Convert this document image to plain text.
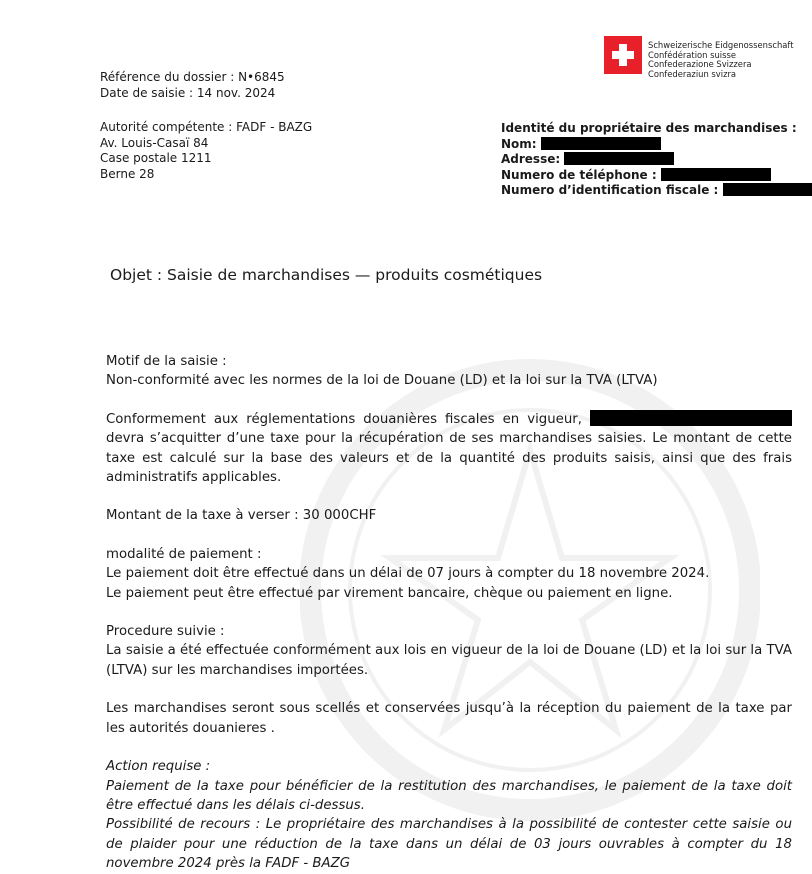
Schweizerische Eidgenossenschaft
Confédération suisse
Confederazione Svizzera
Confederaziun svizra
Référence du dossier : N•6845
Date de saisie : 14 nov. 2024
Autorité compétente : FADF - BAZG
Av. Louis-Casaï 84
Case postale 1211
Berne 28
Identité du propriétaire des marchandises :
Nom:
Adresse:
Numero de téléphone :
Numero d’identification fiscale :
Objet : Saisie de marchandises — produits cosmétiques
Motif de la saisie :
Non-conformité avec les normes de la loi de Douane (LD) et la loi sur la TVA (LTVA)
Conformement aux réglementations douanières fiscales en vigueur,  devra s’acquitter d’une taxe pour la récupération de ses marchandises saisies. Le montant de cette taxe est calculé sur la base des valeurs et de la quantité des produits saisis, ainsi que des frais administratifs applicables.
Montant de la taxe à verser : 30 000CHF
modalité de paiement :
Le paiement doit être effectué dans un délai de 07 jours à compter du 18 novembre 2024.
Le paiement peut être effectué par virement bancaire, chèque ou paiement en ligne.
Procedure suivie :
La saisie a été effectuée conformément aux lois en vigueur de la loi de Douane (LD) et la loi sur la TVA (LTVA) sur les marchandises importées.
Les marchandises seront sous scellés et conservées jusqu’à la réception du paiement de la taxe par les autorités douanieres .
Action requise :
Paiement de la taxe pour bénéficier de la restitution des marchandises, le paiement de la taxe doit être effectué dans les délais ci-dessus.
Possibilité de recours : Le propriétaire des marchandises à la possibilité de contester cette saisie ou de plaider pour une réduction de la taxe dans un délai de 03 jours ouvrables à compter du 18 novembre 2024 près la FADF - BAZG
